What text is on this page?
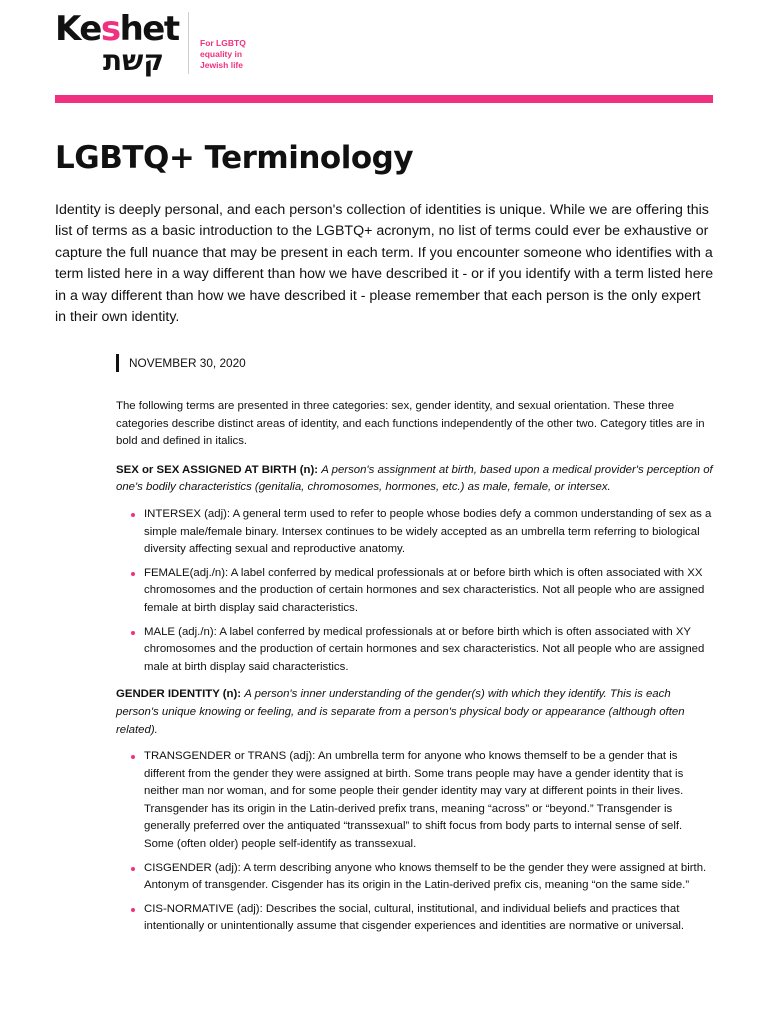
Keshet
קשת
For LGBTQ
equality in
Jewish life
LGBTQ+ Terminology

Identity is deeply personal, and each person's collection of identities is unique. While we are offering this list of terms as a basic introduction to the LGBTQ+ acronym, no list of terms could ever be exhaustive or capture the full nuance that may be present in each term. If you encounter someone who identifies with a term listed here in a way different than how we have described it - or if you identify with a term listed here in a way different than how we have described it - please remember that each person is the only expert in their own identity.

NOVEMBER 30, 2020

The following terms are presented in three categories: sex, gender identity, and sexual orientation. These three categories describe distinct areas of identity, and each functions independently of the other two. Category titles are in bold and defined in italics.

SEX or SEX ASSIGNED AT BIRTH (n): A person's assignment at birth, based upon a medical provider's perception of one's bodily characteristics (genitalia, chromosomes, hormones, etc.) as male, female, or intersex.
INTERSEX (adj): A general term used to refer to people whose bodies defy a common understanding of sex as a simple male/female binary. Intersex continues to be widely accepted as an umbrella term referring to biological diversity affecting sexual and reproductive anatomy.
FEMALE(adj./n): A label conferred by medical professionals at or before birth which is often associated with XX chromosomes and the production of certain hormones and sex characteristics. Not all people who are assigned female at birth display said characteristics.
MALE (adj./n): A label conferred by medical professionals at or before birth which is often associated with XY chromosomes and the production of certain hormones and sex characteristics. Not all people who are assigned male at birth display said characteristics.
GENDER IDENTITY (n): A person's inner understanding of the gender(s) with which they identify. This is each person's unique knowing or feeling, and is separate from a person's physical body or appearance (although often related).
TRANSGENDER or TRANS (adj): An umbrella term for anyone who knows themself to be a gender that is different from the gender they were assigned at birth. Some trans people may have a gender identity that is neither man nor woman, and for some people their gender identity may vary at different points in their lives. Transgender has its origin in the Latin-derived prefix trans, meaning “across” or “beyond.” Transgender is generally preferred over the antiquated “transsexual” to shift focus from body parts to internal sense of self. Some (often older) people self-identify as transsexual.
CISGENDER (adj): A term describing anyone who knows themself to be the gender they were assigned at birth. Antonym of transgender. Cisgender has its origin in the Latin-derived prefix cis, meaning “on the same side.”
CIS-NORMATIVE (adj): Describes the social, cultural, institutional, and individual beliefs and practices that intentionally or unintentionally assume that cisgender experiences and identities are normative or universal.
